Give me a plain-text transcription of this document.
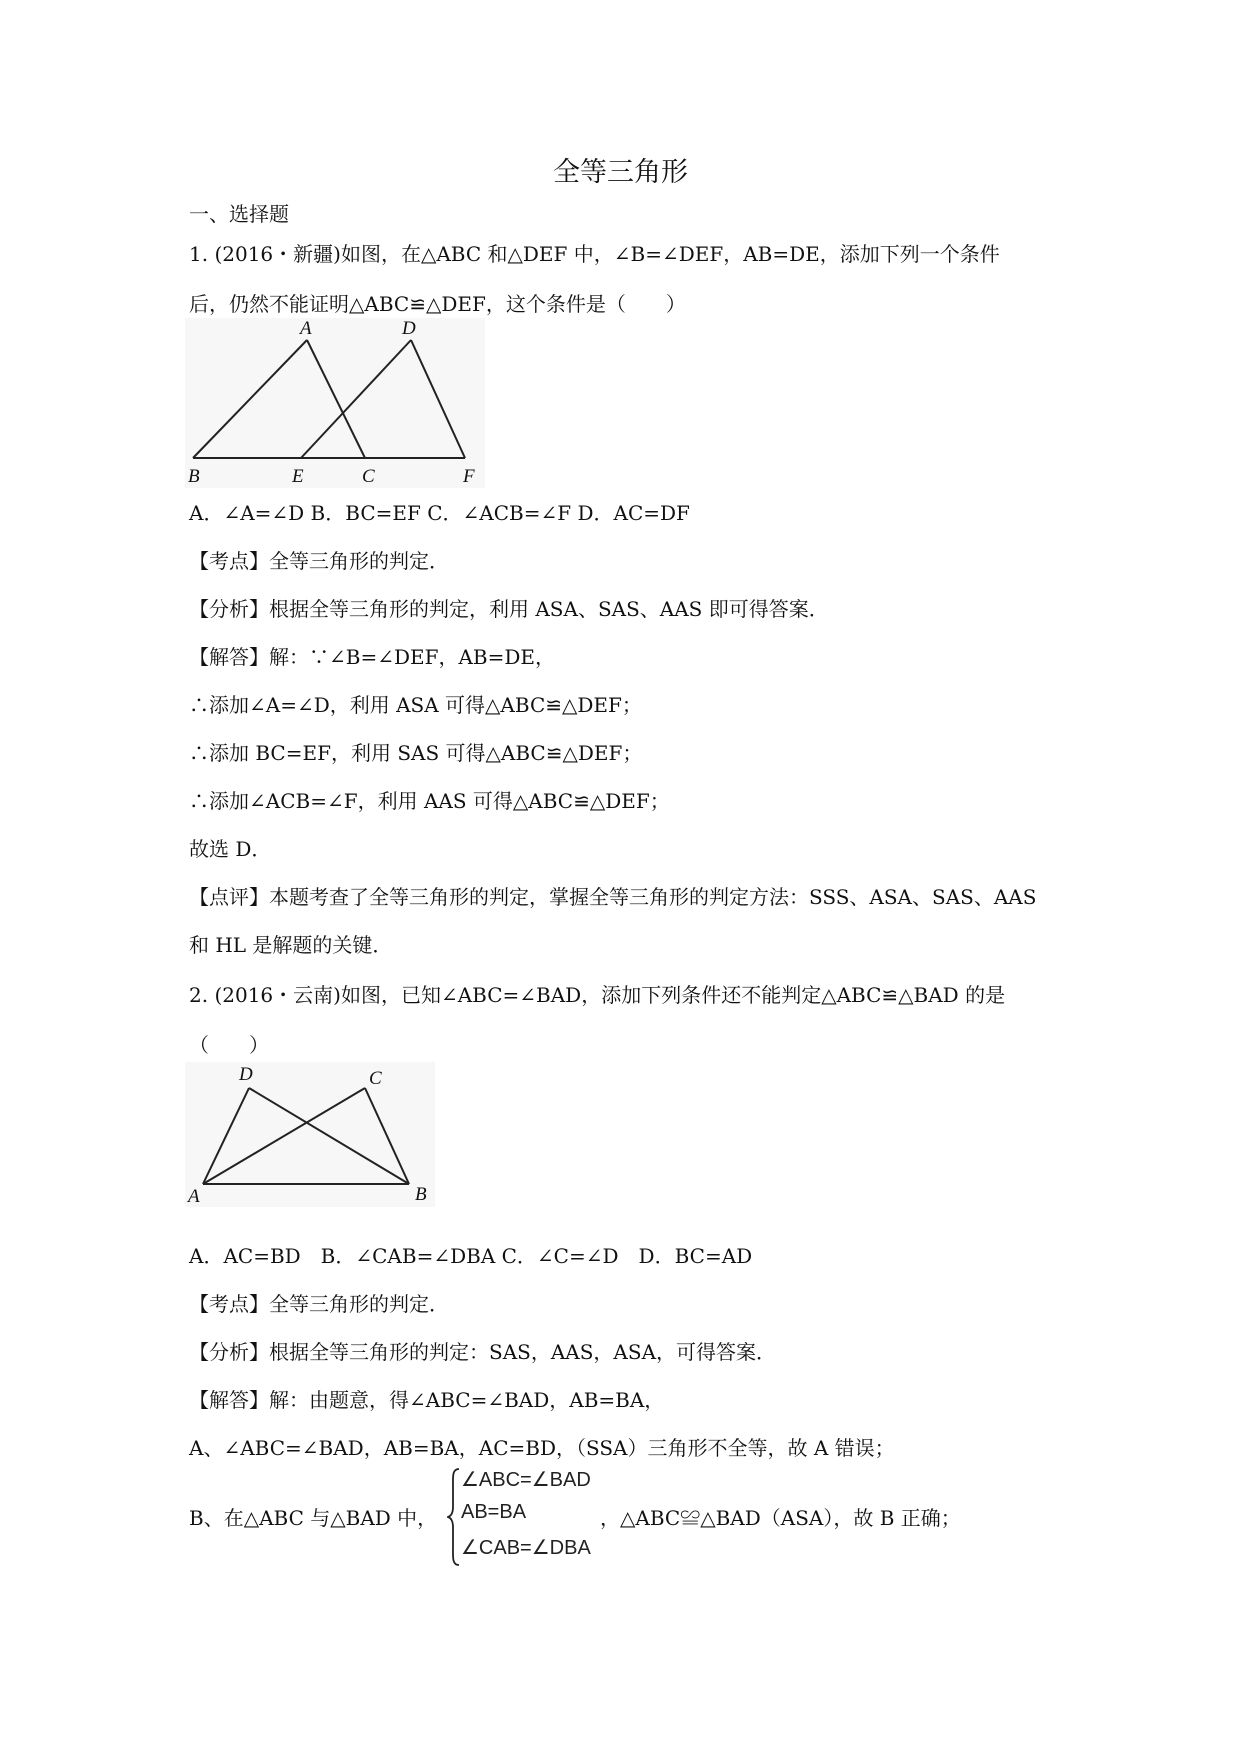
全等三角形
一、选择题
1. (2016・新疆)如图，在△ABC 和△DEF 中，∠B=∠DEF，AB=DE，添加下列一个条件
后，仍然不能证明△ABC≌△DEF，这个条件是（　　）
A	D
B	E	C	F
A．∠A=∠D B．BC=EF C．∠ACB=∠F D．AC=DF
【考点】全等三角形的判定．
【分析】根据全等三角形的判定，利用 ASA、SAS、AAS 即可得答案．
【解答】解：∵∠B=∠DEF，AB=DE，
∴添加∠A=∠D，利用 ASA 可得△ABC≌△DEF；
∴添加 BC=EF，利用 SAS 可得△ABC≌△DEF；
∴添加∠ACB=∠F，利用 AAS 可得△ABC≌△DEF；
故选 D．
【点评】本题考查了全等三角形的判定，掌握全等三角形的判定方法：SSS、ASA、SAS、AAS
和 HL 是解题的关键．
2. (2016・云南)如图，已知∠ABC=∠BAD，添加下列条件还不能判定△ABC≌△BAD 的是
（　　）
D	C
A	B
A．AC=BD　B．∠CAB=∠DBA C．∠C=∠D　D．BC=AD
【考点】全等三角形的判定．
【分析】根据全等三角形的判定：SAS，AAS，ASA，可得答案．
【解答】解：由题意，得∠ABC=∠BAD，AB=BA，
A、∠ABC=∠BAD，AB=BA，AC=BD，（SSA）三角形不全等，故 A 错误；
B、在△ABC 与△BAD 中，
∠ABC=∠BAD
AB=BA
∠CAB=∠DBA
，△ABC≌△BAD（ASA），故 B 正确；
